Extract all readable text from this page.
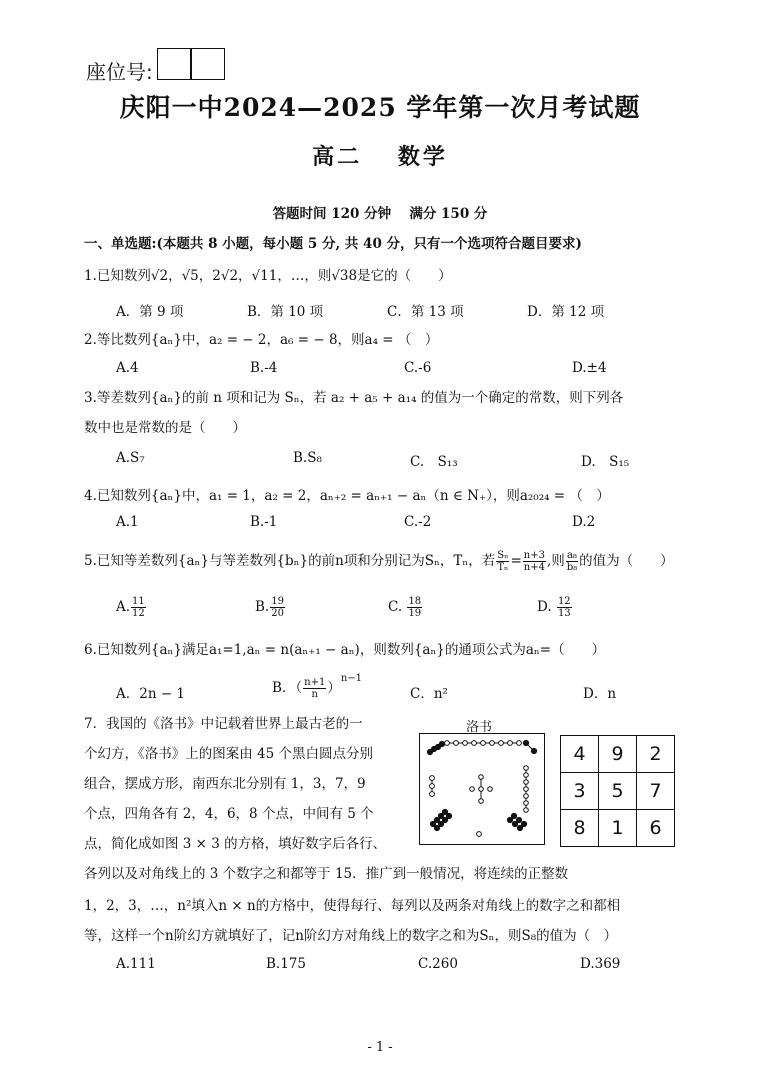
座位号:
庆阳一中2024—2025 学年第一次月考试题
高二　 数学
答题时间 120 分钟　 满分 150 分
一、单选题:(本题共 8 小题，每小题 5 分, 共 40 分，只有一个选项符合题目要求)
1.已知数列√2，√5，2√2，√11，…，则√38是它的（　　）
A．第 9 项	B．第 10 项	C．第 13 项	D．第 12 项
2.等比数列{aₙ}中，a₂ = − 2，a₆ = − 8，则a₄ = （　）
A.4	B.-4	C.-6	D.±4
3.等差数列{aₙ}的前 n 项和记为 Sₙ，若 a₂ + a₅ + a₁₄ 的值为一个确定的常数，则下列各
数中也是常数的是（　　）
A.S₇	B.S₈	C.　S₁₃	D.　S₁₅
4.已知数列{aₙ}中，a₁ = 1，a₂ = 2，aₙ₊₂ = aₙ₊₁ − aₙ（n ∈ N₊），则a₂₀₂₄ = （　）
A.1	B.-1	C.-2	D.2
5.已知等差数列{aₙ}与等差数列{bₙ}的前n项和分别记为Sₙ，Tₙ，若 $\frac{\text{Sₙ}}{\text{Tₙ}} = \frac{n+3}{n+4}$ ,则 $\frac{\text{a₈}}{\text{b₈}}$ 的值为（　　）
A. $\frac{11}{12}$	B. $\frac{19}{20}$	C. $\frac{18}{19}$	D. $\frac{12}{13}$
6.已知数列{aₙ}满足a₁=1,aₙ = n(aₙ₊₁ − aₙ)，则数列{aₙ}的通项公式为aₙ=（　　）
A．2n − 1	B．（ $\frac{n+1}{n} )^{n-1}$
C．n²	D．n
7．我国的《洛书》中记载着世界上最古老的一
个幻方，《洛书》上的图案由 45 个黑白圆点分别
组合，摆成方形，南西东北分别有 1，3，7，9
个点，四角各有 2，4，6，8 个点，中间有 5 个
点，简化成如图 3 × 3 的方格，填好数字后各行、
各列以及对角线上的 3 个数字之和都等于 15．推广到一般情况，将连续的正整数
1，2，3，…，n²填入n × n的方格中，使得每行、每列以及两条对角线上的数字之和都相
等，这样一个n阶幻方就填好了，记n阶幻方对角线上的数字之和为Sₙ，则S₈的值为（　）
A.111	B.175	C.260	D.369
洛书
4	9	2
3	5	7
8	1	6
- 1 -
